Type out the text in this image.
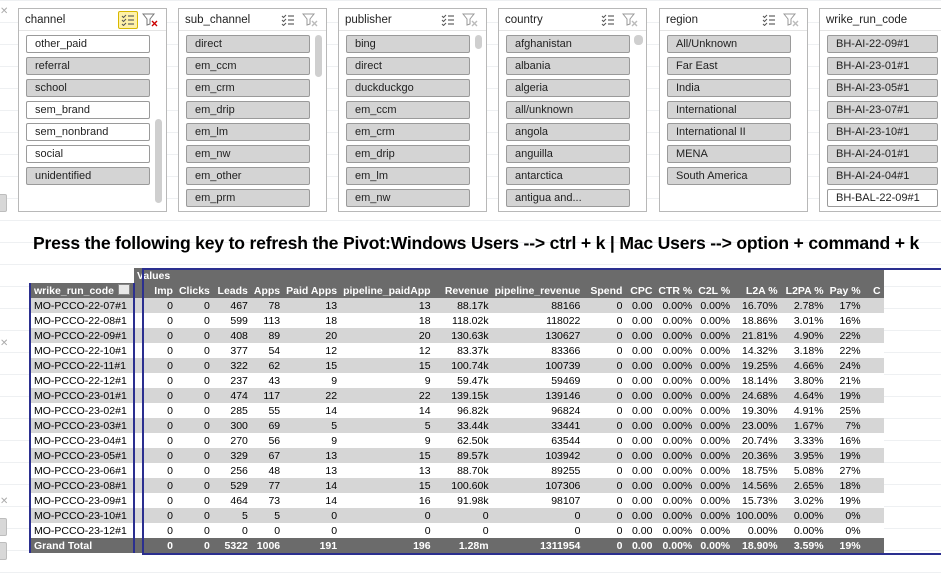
✕
✕
✕
channel
other_paid
referral
school
sem_brand
sem_nonbrand
social
unidentified
sub_channel
direct
em_ccm
em_crm
em_drip
em_lm
em_nw
em_other
em_prm
publisher
bing
direct
duckduckgo
em_ccm
em_crm
em_drip
em_lm
em_nw
country
afghanistan
albania
algeria
all/unknown
angola
anguilla
antarctica
antigua and...
region
All/Unknown
Far East
India
International
International II
MENA
South America
wrike_run_code
BH-AI-22-09#1
BH-AI-23-01#1
BH-AI-23-05#1
BH-AI-23-07#1
BH-AI-23-10#1
BH-AI-24-01#1
BH-AI-24-04#1
BH-BAL-22-09#1
Press the following key to refresh the Pivot:Windows Users --> ctrl + k | Mac Users --> option + command + k
	Values															
wrike_run_code	Imp	Clicks	Leads	Apps	Paid Apps	pipeline_paidApp	Revenue	pipeline_revenue	Spend	CPC	CTR %	C2L %	L2A %	L2PA %	Pay %	C
MO-PCCO-22-07#1	0	0	467	78	13	13	88.17k	88166	0	0.00	0.00%	0.00%	16.70%	2.78%	17%	
MO-PCCO-22-08#1	0	0	599	113	18	18	118.02k	118022	0	0.00	0.00%	0.00%	18.86%	3.01%	16%	
MO-PCCO-22-09#1	0	0	408	89	20	20	130.63k	130627	0	0.00	0.00%	0.00%	21.81%	4.90%	22%	
MO-PCCO-22-10#1	0	0	377	54	12	12	83.37k	83366	0	0.00	0.00%	0.00%	14.32%	3.18%	22%	
MO-PCCO-22-11#1	0	0	322	62	15	15	100.74k	100739	0	0.00	0.00%	0.00%	19.25%	4.66%	24%	
MO-PCCO-22-12#1	0	0	237	43	9	9	59.47k	59469	0	0.00	0.00%	0.00%	18.14%	3.80%	21%	
MO-PCCO-23-01#1	0	0	474	117	22	22	139.15k	139146	0	0.00	0.00%	0.00%	24.68%	4.64%	19%	
MO-PCCO-23-02#1	0	0	285	55	14	14	96.82k	96824	0	0.00	0.00%	0.00%	19.30%	4.91%	25%	
MO-PCCO-23-03#1	0	0	300	69	5	5	33.44k	33441	0	0.00	0.00%	0.00%	23.00%	1.67%	7%	
MO-PCCO-23-04#1	0	0	270	56	9	9	62.50k	63544	0	0.00	0.00%	0.00%	20.74%	3.33%	16%	
MO-PCCO-23-05#1	0	0	329	67	13	15	89.57k	103942	0	0.00	0.00%	0.00%	20.36%	3.95%	19%	
MO-PCCO-23-06#1	0	0	256	48	13	13	88.70k	89255	0	0.00	0.00%	0.00%	18.75%	5.08%	27%	
MO-PCCO-23-08#1	0	0	529	77	14	15	100.60k	107306	0	0.00	0.00%	0.00%	14.56%	2.65%	18%	
MO-PCCO-23-09#1	0	0	464	73	14	16	91.98k	98107	0	0.00	0.00%	0.00%	15.73%	3.02%	19%	
MO-PCCO-23-10#1	0	0	5	5	0	0	0	0	0	0.00	0.00%	0.00%	100.00%	0.00%	0%	
MO-PCCO-23-12#1	0	0	0	0	0	0	0	0	0	0.00	0.00%	0.00%	0.00%	0.00%	0%	
Grand Total	0	0	5322	1006	191	196	1.28m	1311954	0	0.00	0.00%	0.00%	18.90%	3.59%	19%	
